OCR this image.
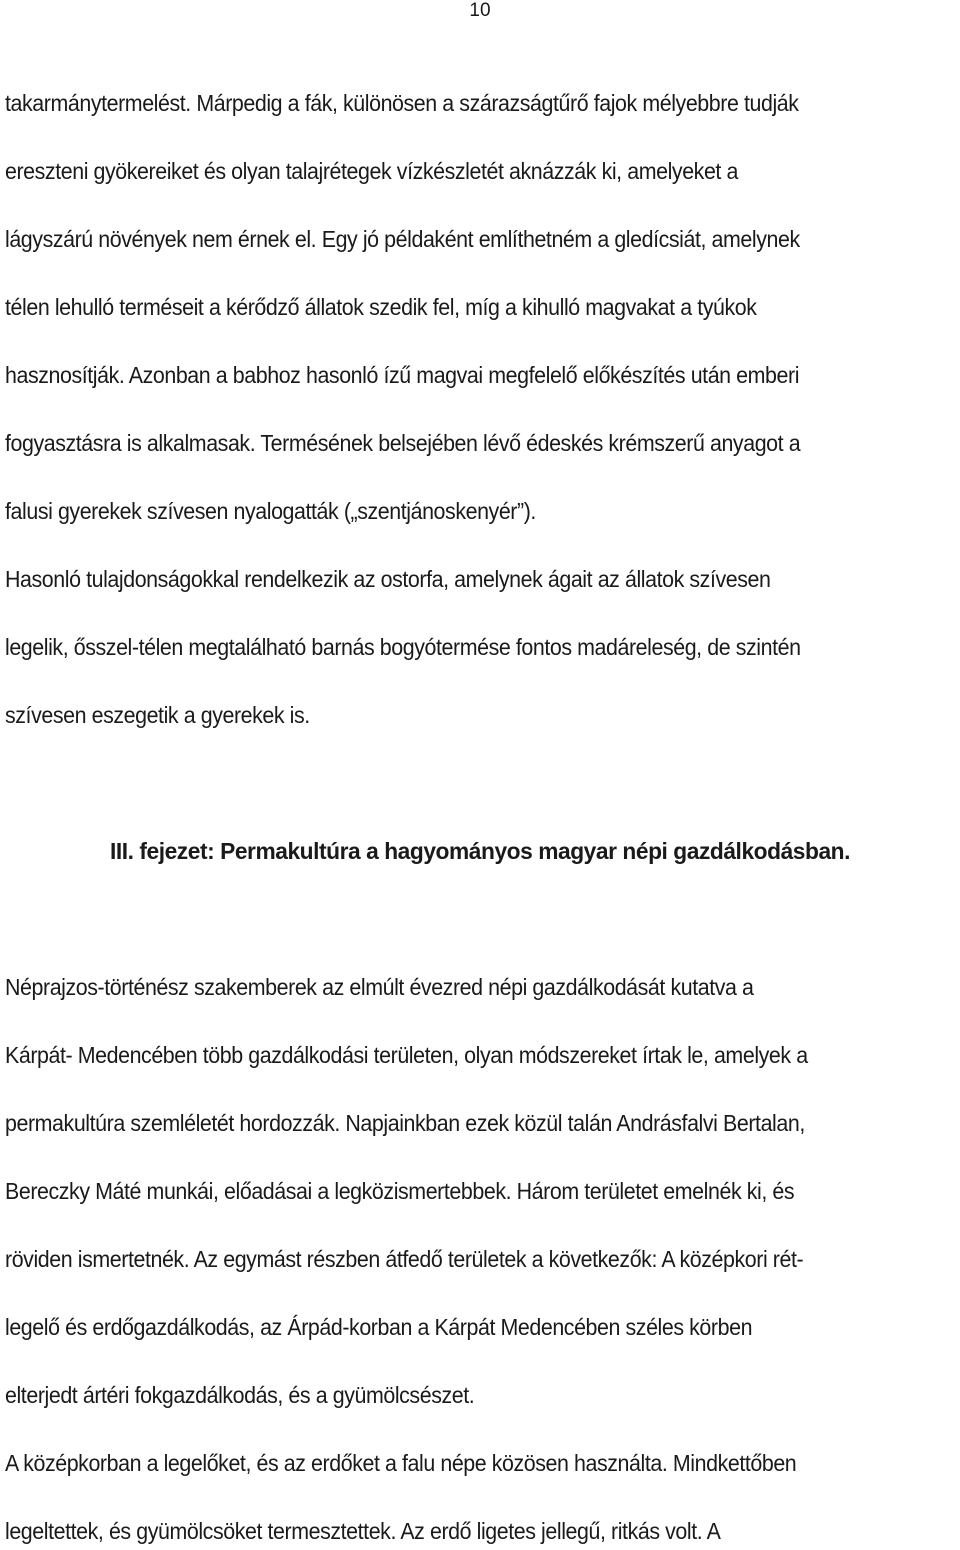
10
takarmánytermelést. Márpedig a fák, különösen a szárazságtűrő fajok mélyebbre tudják
ereszteni gyökereiket és olyan talajrétegek vízkészletét aknázzák ki, amelyeket a
lágyszárú növények nem érnek el. Egy jó példaként említhetném a gledícsiát, amelynek
télen lehulló terméseit a kérődző állatok szedik fel, míg a kihulló magvakat a tyúkok
hasznosítják. Azonban a babhoz hasonló ízű magvai megfelelő előkészítés után emberi
fogyasztásra is alkalmasak. Termésének belsejében lévő édeskés krémszerű anyagot a
falusi gyerekek szívesen nyalogatták („szentjánoskenyér”).
Hasonló tulajdonságokkal rendelkezik az ostorfa, amelynek ágait az állatok szívesen
legelik, ősszel-télen megtalálható barnás bogyótermése fontos madáreleség, de szintén
szívesen eszegetik a gyerekek is.
III. fejezet: Permakultúra a hagyományos magyar népi gazdálkodásban.
Néprajzos-történész szakemberek az elmúlt évezred népi gazdálkodását kutatva a
Kárpát- Medencében több gazdálkodási területen, olyan módszereket írtak le, amelyek a
permakultúra szemléletét hordozzák. Napjainkban ezek közül talán Andrásfalvi Bertalan,
Bereczky Máté munkái, előadásai a legközismertebbek. Három területet emelnék ki, és
röviden ismertetnék. Az egymást részben átfedő területek a következők: A középkori rét-
legelő és erdőgazdálkodás, az Árpád-korban a Kárpát Medencében széles körben
elterjedt ártéri fokgazdálkodás, és a gyümölcsészet.
A középkorban a legelőket, és az erdőket a falu népe közösen használta. Mindkettőben
legeltettek, és gyümölcsöket termesztettek. Az erdő ligetes jellegű, ritkás volt. A
